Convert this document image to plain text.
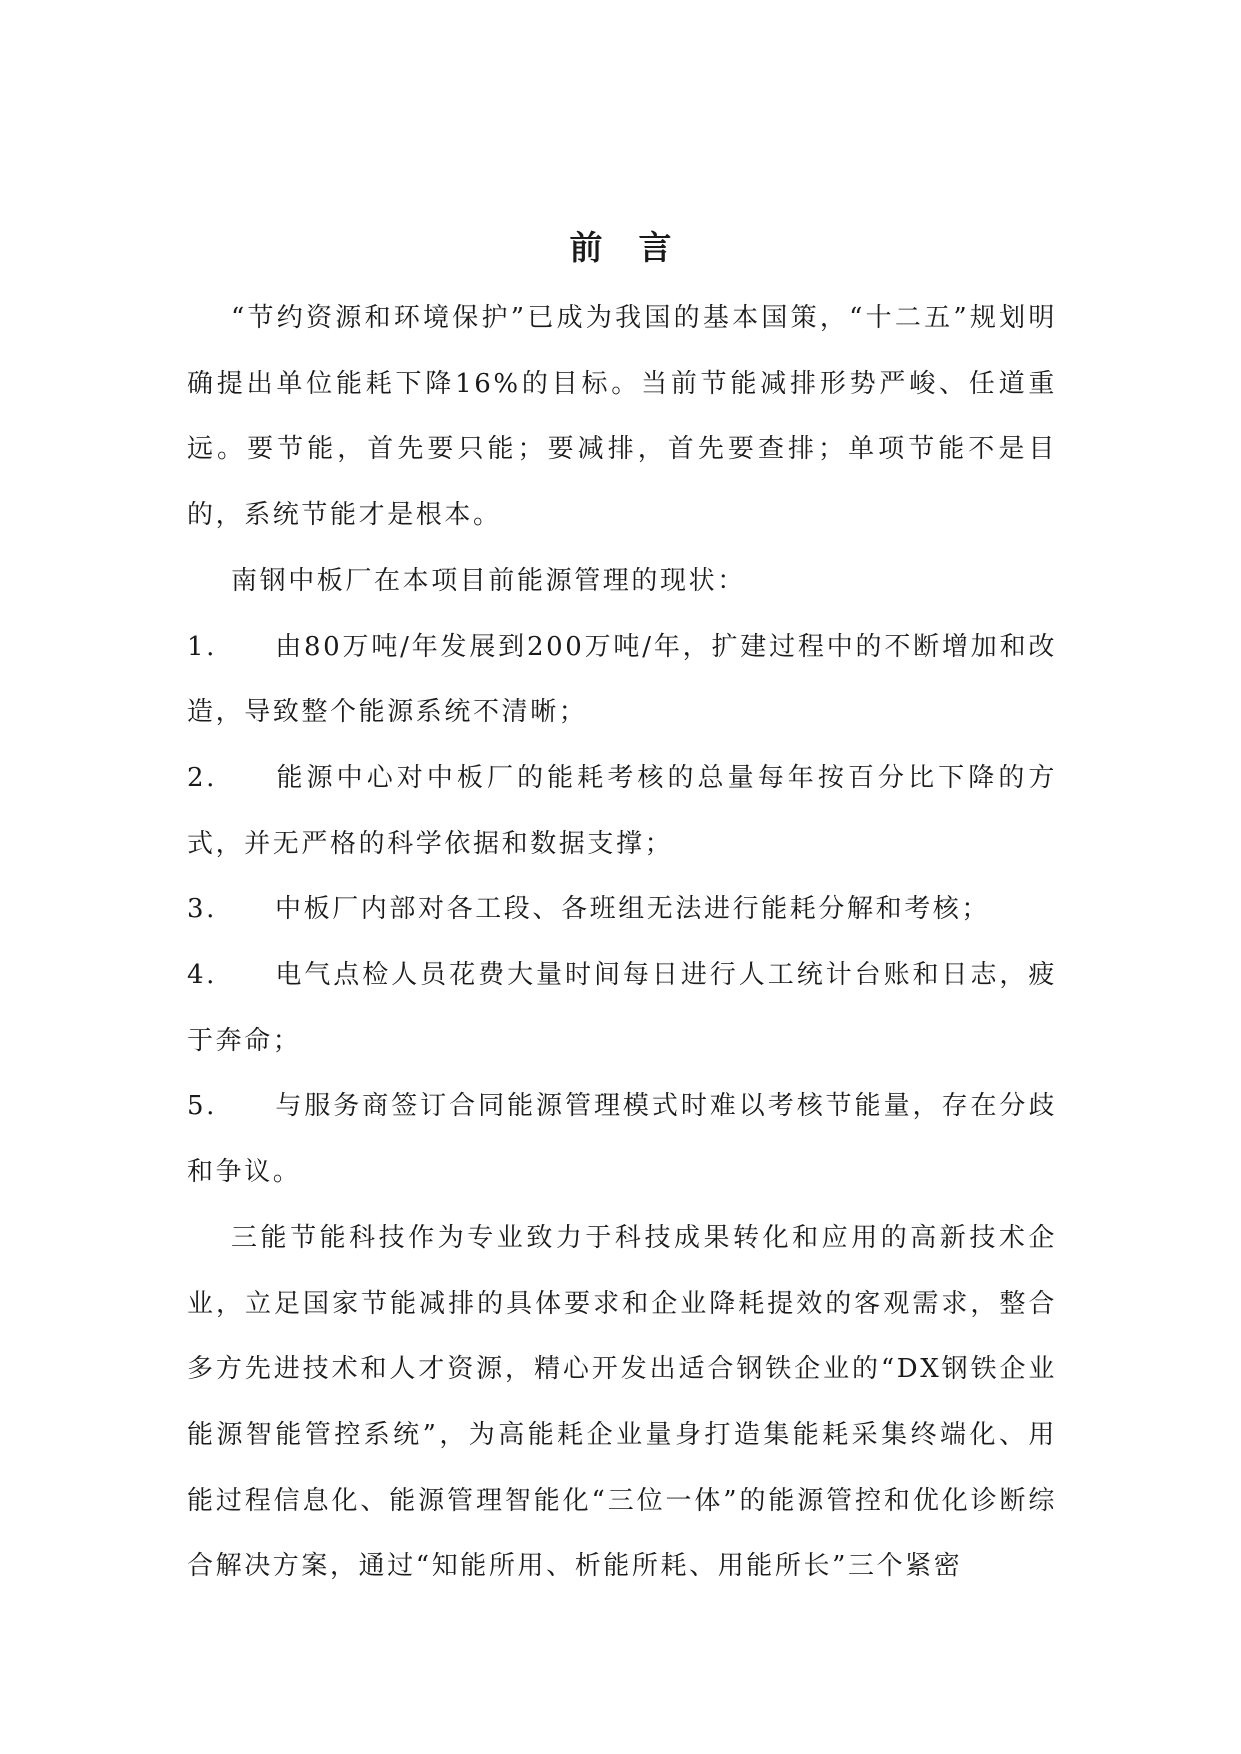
前言

“节约资源和环境保护”已成为我国的基本国策，“十二五”规划明确提出单位能耗下降16%的目标。当前节能减排形势严峻、任道重远。要节能，首先要只能；要减排，首先要查排；单项节能不是目的，系统节能才是根本。

南钢中板厂在本项目前能源管理的现状：

1. 由80万吨/年发展到200万吨/年，扩建过程中的不断增加和改造，导致整个能源系统不清晰；

2. 能源中心对中板厂的能耗考核的总量每年按百分比下降的方式，并无严格的科学依据和数据支撑；

3. 中板厂内部对各工段、各班组无法进行能耗分解和考核；

4. 电气点检人员花费大量时间每日进行人工统计台账和日志，疲于奔命；

5. 与服务商签订合同能源管理模式时难以考核节能量，存在分歧和争议。

三能节能科技作为专业致力于科技成果转化和应用的高新技术企业，立足国家节能减排的具体要求和企业降耗提效的客观需求，整合多方先进技术和人才资源，精心开发出适合钢铁企业的“DX钢铁企业能源智能管控系统”，为高能耗企业量身打造集能耗采集终端化、用能过程信息化、能源管理智能化“三位一体”的能源管控和优化诊断综合解决方案，通过“知能所用、析能所耗、用能所长”三个紧密
